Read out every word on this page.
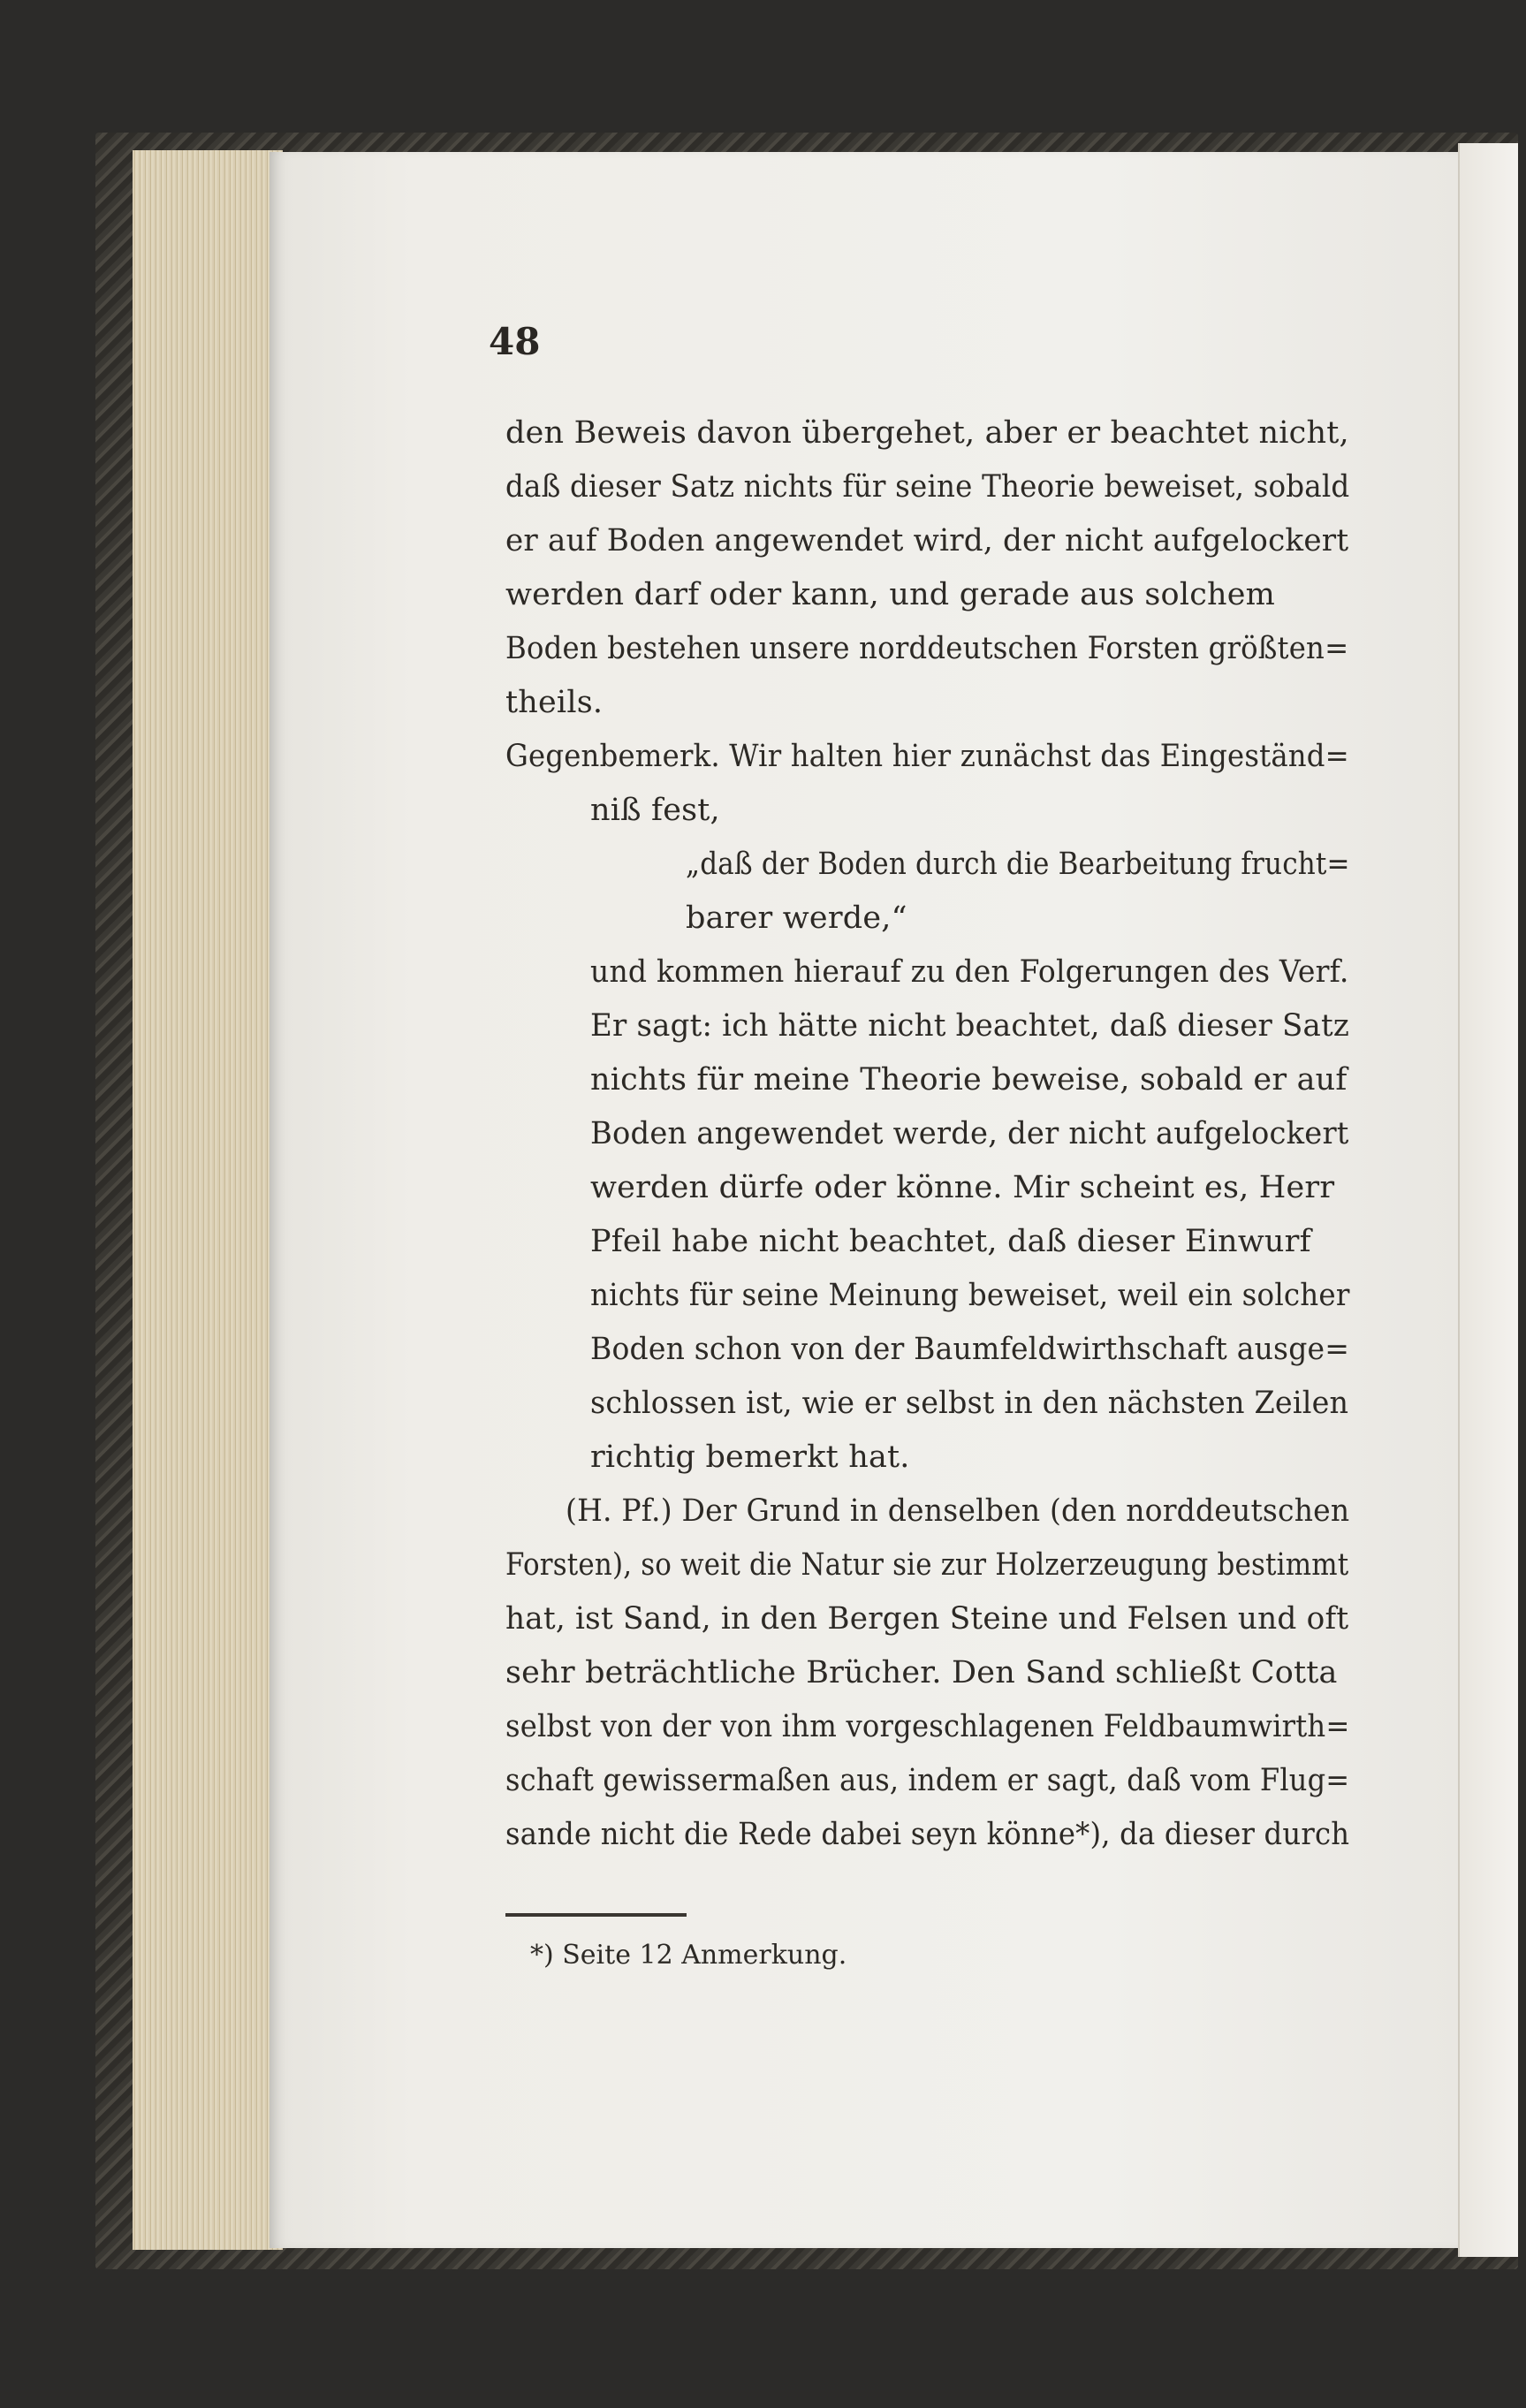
48
den Beweis davon übergehet, aber er beachtet nicht,
daß dieser Satz nichts für seine Theorie beweiset, sobald
er auf Boden angewendet wird, der nicht aufgelockert
werden darf oder kann, und gerade aus solchem
Boden bestehen unsere norddeutschen Forsten größten=
theils.
Gegenbemerk. Wir halten hier zunächst das Eingeständ=
niß fest,
„daß der Boden durch die Bearbeitung frucht=
barer werde,“
und kommen hierauf zu den Folgerungen des Verf.
Er sagt: ich hätte nicht beachtet, daß dieser Satz
nichts für meine Theorie beweise, sobald er auf
Boden angewendet werde, der nicht aufgelockert
werden dürfe oder könne. Mir scheint es, Herr
Pfeil habe nicht beachtet, daß dieser Einwurf
nichts für seine Meinung beweiset, weil ein solcher
Boden schon von der Baumfeldwirthschaft ausge=
schlossen ist, wie er selbst in den nächsten Zeilen
richtig bemerkt hat.
(H. Pf.) Der Grund in denselben (den norddeutschen
Forsten), so weit die Natur sie zur Holzerzeugung bestimmt
hat, ist Sand, in den Bergen Steine und Felsen und oft
sehr beträchtliche Brücher. Den Sand schließt Cotta
selbst von der von ihm vorgeschlagenen Feldbaumwirth=
schaft gewissermaßen aus, indem er sagt, daß vom Flug=
sande nicht die Rede dabei seyn könne*), da dieser durch
*) Seite 12 Anmerkung.
